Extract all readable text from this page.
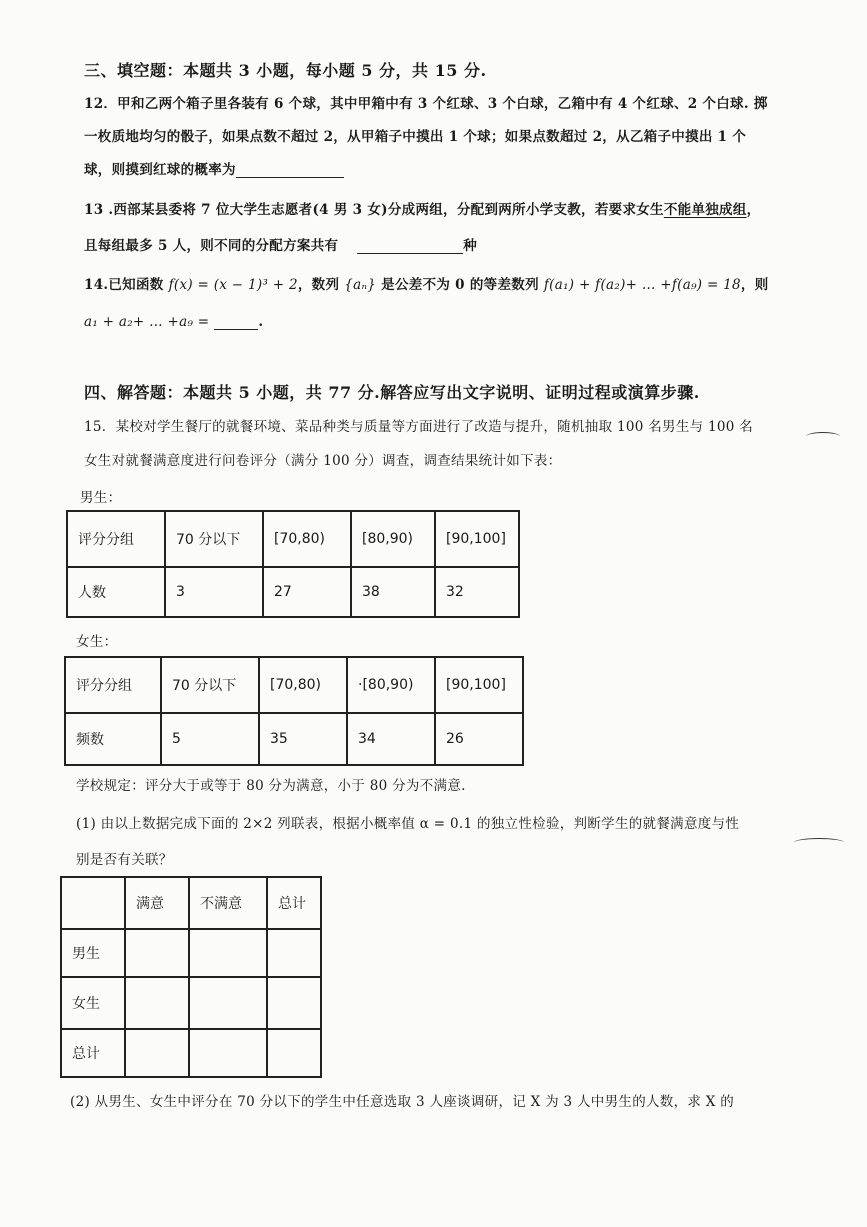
三、填空题：本题共 3 小题，每小题 5 分，共 15 分.
12．甲和乙两个箱子里各装有 6 个球，其中甲箱中有 3 个红球、3 个白球，乙箱中有 4 个红球、2 个白球. 掷
一枚质地均匀的骰子，如果点数不超过 2，从甲箱子中摸出 1 个球；如果点数超过 2，从乙箱子中摸出 1 个
球，则摸到红球的概率为
13 .西部某县委将 7 位大学生志愿者(4 男 3 女)分成两组，分配到两所小学支教，若要求女生不能单独成组，
且每组最多 5 人，则不同的分配方案共有	种
14.已知函数 f(x) = (x − 1)³ + 2，数列 {aₙ} 是公差不为 0 的等差数列 f(a₁) + f(a₂)+ … +f(a₉) = 18，则
a₁ + a₂+ … +a₉ =	.
四、解答题：本题共 5 小题，共 77 分.解答应写出文字说明、证明过程或演算步骤.
15．某校对学生餐厅的就餐环境、菜品种类与质量等方面进行了改造与提升，随机抽取 100 名男生与 100 名
女生对就餐满意度进行问卷评分（满分 100 分）调查，调查结果统计如下表：
男生：
评分分组	70 分以下	[70,80)	[80,90)	[90,100]
人数	3	27	38	32
女生：
评分分组	70 分以下	[70,80)	·[80,90)	[90,100]
频数	5	35	34	26
学校规定：评分大于或等于 80 分为满意，小于 80 分为不满意.
(1) 由以上数据完成下面的 2×2 列联表，根据小概率值 α = 0.1 的独立性检验，判断学生的就餐满意度与性
别是否有关联？
	满意	不满意	总计
男生			
女生			
总计			
(2) 从男生、女生中评分在 70 分以下的学生中任意选取 3 人座谈调研，记 X 为 3 人中男生的人数，求 X 的
